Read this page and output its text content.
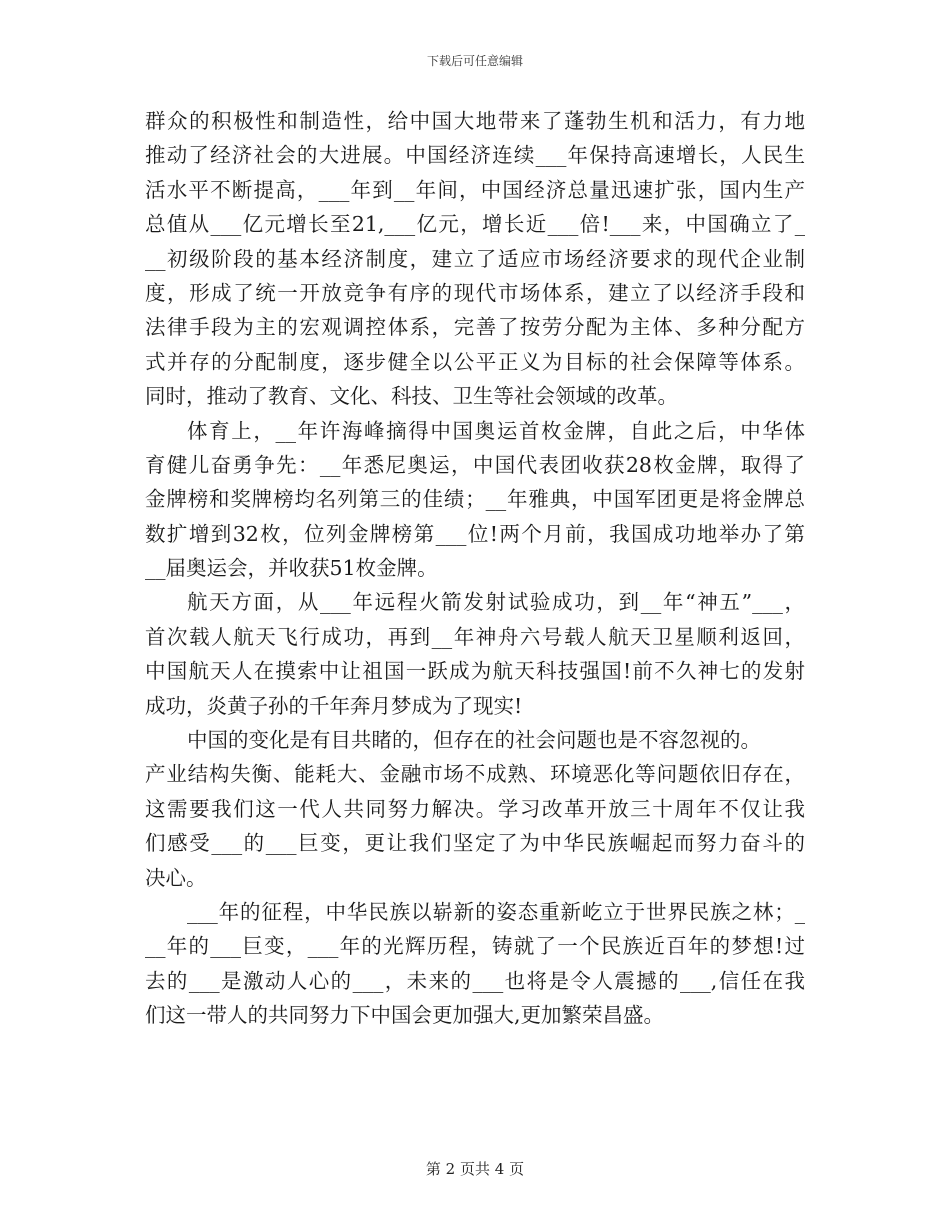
下载后可任意编辑
群众的积极性和制造性，给中国大地带来了蓬勃生机和活力，有力地
推动了经济社会的大进展。中国经济连续___年保持高速增长，人民生
活水平不断提高，___年到__年间，中国经济总量迅速扩张，国内生产
总值从___亿元增长至21,___亿元，增长近___倍!___来，中国确立了_
__初级阶段的基本经济制度，建立了适应市场经济要求的现代企业制
度，形成了统一开放竞争有序的现代市场体系，建立了以经济手段和
法律手段为主的宏观调控体系，完善了按劳分配为主体、多种分配方
式并存的分配制度，逐步健全以公平正义为目标的社会保障等体系。
同时，推动了教育、文化、科技、卫生等社会领域的改革。
体育上，__年许海峰摘得中国奥运首枚金牌，自此之后，中华体
育健儿奋勇争先：__年悉尼奥运，中国代表团收获28枚金牌，取得了
金牌榜和奖牌榜均名列第三的佳绩；__年雅典，中国军团更是将金牌总
数扩增到32枚，位列金牌榜第___位!两个月前，我国成功地举办了第
__届奥运会，并收获51枚金牌。
航天方面，从___年远程火箭发射试验成功，到__年“神五”___，
首次载人航天飞行成功，再到__年神舟六号载人航天卫星顺利返回，
中国航天人在摸索中让祖国一跃成为航天科技强国!前不久神七的发射
成功，炎黄子孙的千年奔月梦成为了现实!
中国的变化是有目共睹的，但存在的社会问题也是不容忽视的。
产业结构失衡、能耗大、金融市场不成熟、环境恶化等问题依旧存在，
这需要我们这一代人共同努力解决。学习改革开放三十周年不仅让我
们感受___的___巨变，更让我们坚定了为中华民族崛起而努力奋斗的
决心。
___年的征程，中华民族以崭新的姿态重新屹立于世界民族之林；_
__年的___巨变，___年的光辉历程，铸就了一个民族近百年的梦想!过
去的___是激动人心的___，未来的___也将是令人震撼的___,信任在我
们这一带人的共同努力下中国会更加强大,更加繁荣昌盛。
第 2 页共 4 页
